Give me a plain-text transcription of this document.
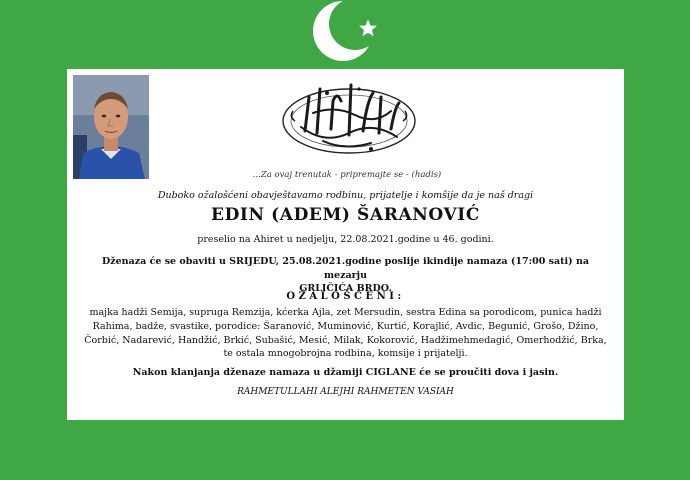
...Za ovaj trenutak - pripremajte se - (hadis)
Duboko ožalošćeni obavještavamo rodbinu, prijatelje i komšije da je naš dragi
EDIN (ADEM) ŠARANOVIĆ
preselio na Ahiret u nedjelju, 22.08.2021.godine u 46. godini.
Dženaza će se obaviti u SRIJEDU, 25.08.2021.godine poslije ikindije namaza (17:00 sati) na mezarju
GRLIČIĆA BRDO.
OŽALOŠĆENI:
majka hadži Semija, supruga Remzija, kćerka Ajla, zet Mersudin, sestra Edina sa porodicom, punica hadži
Rahima, badže, svastike, porodice: Šaranović, Muminović, Kurtić, Korajlić, Avdic, Begunić, Grošo, Džino,
Čorbić, Nadarević, Handžić, Brkić, Subašić, Mesić, Milak, Kokorović, Hadžimehmedagić, Omerhodžić, Brka,
te ostala mnogobrojna rodbina, komsije i prijatelji.
Nakon klanjanja dženaze namaza u džamiji CIGLANE će se proučiti dova i jasin.
RAHMETULLAHI ALEJHI RAHMETEN VASIAH
